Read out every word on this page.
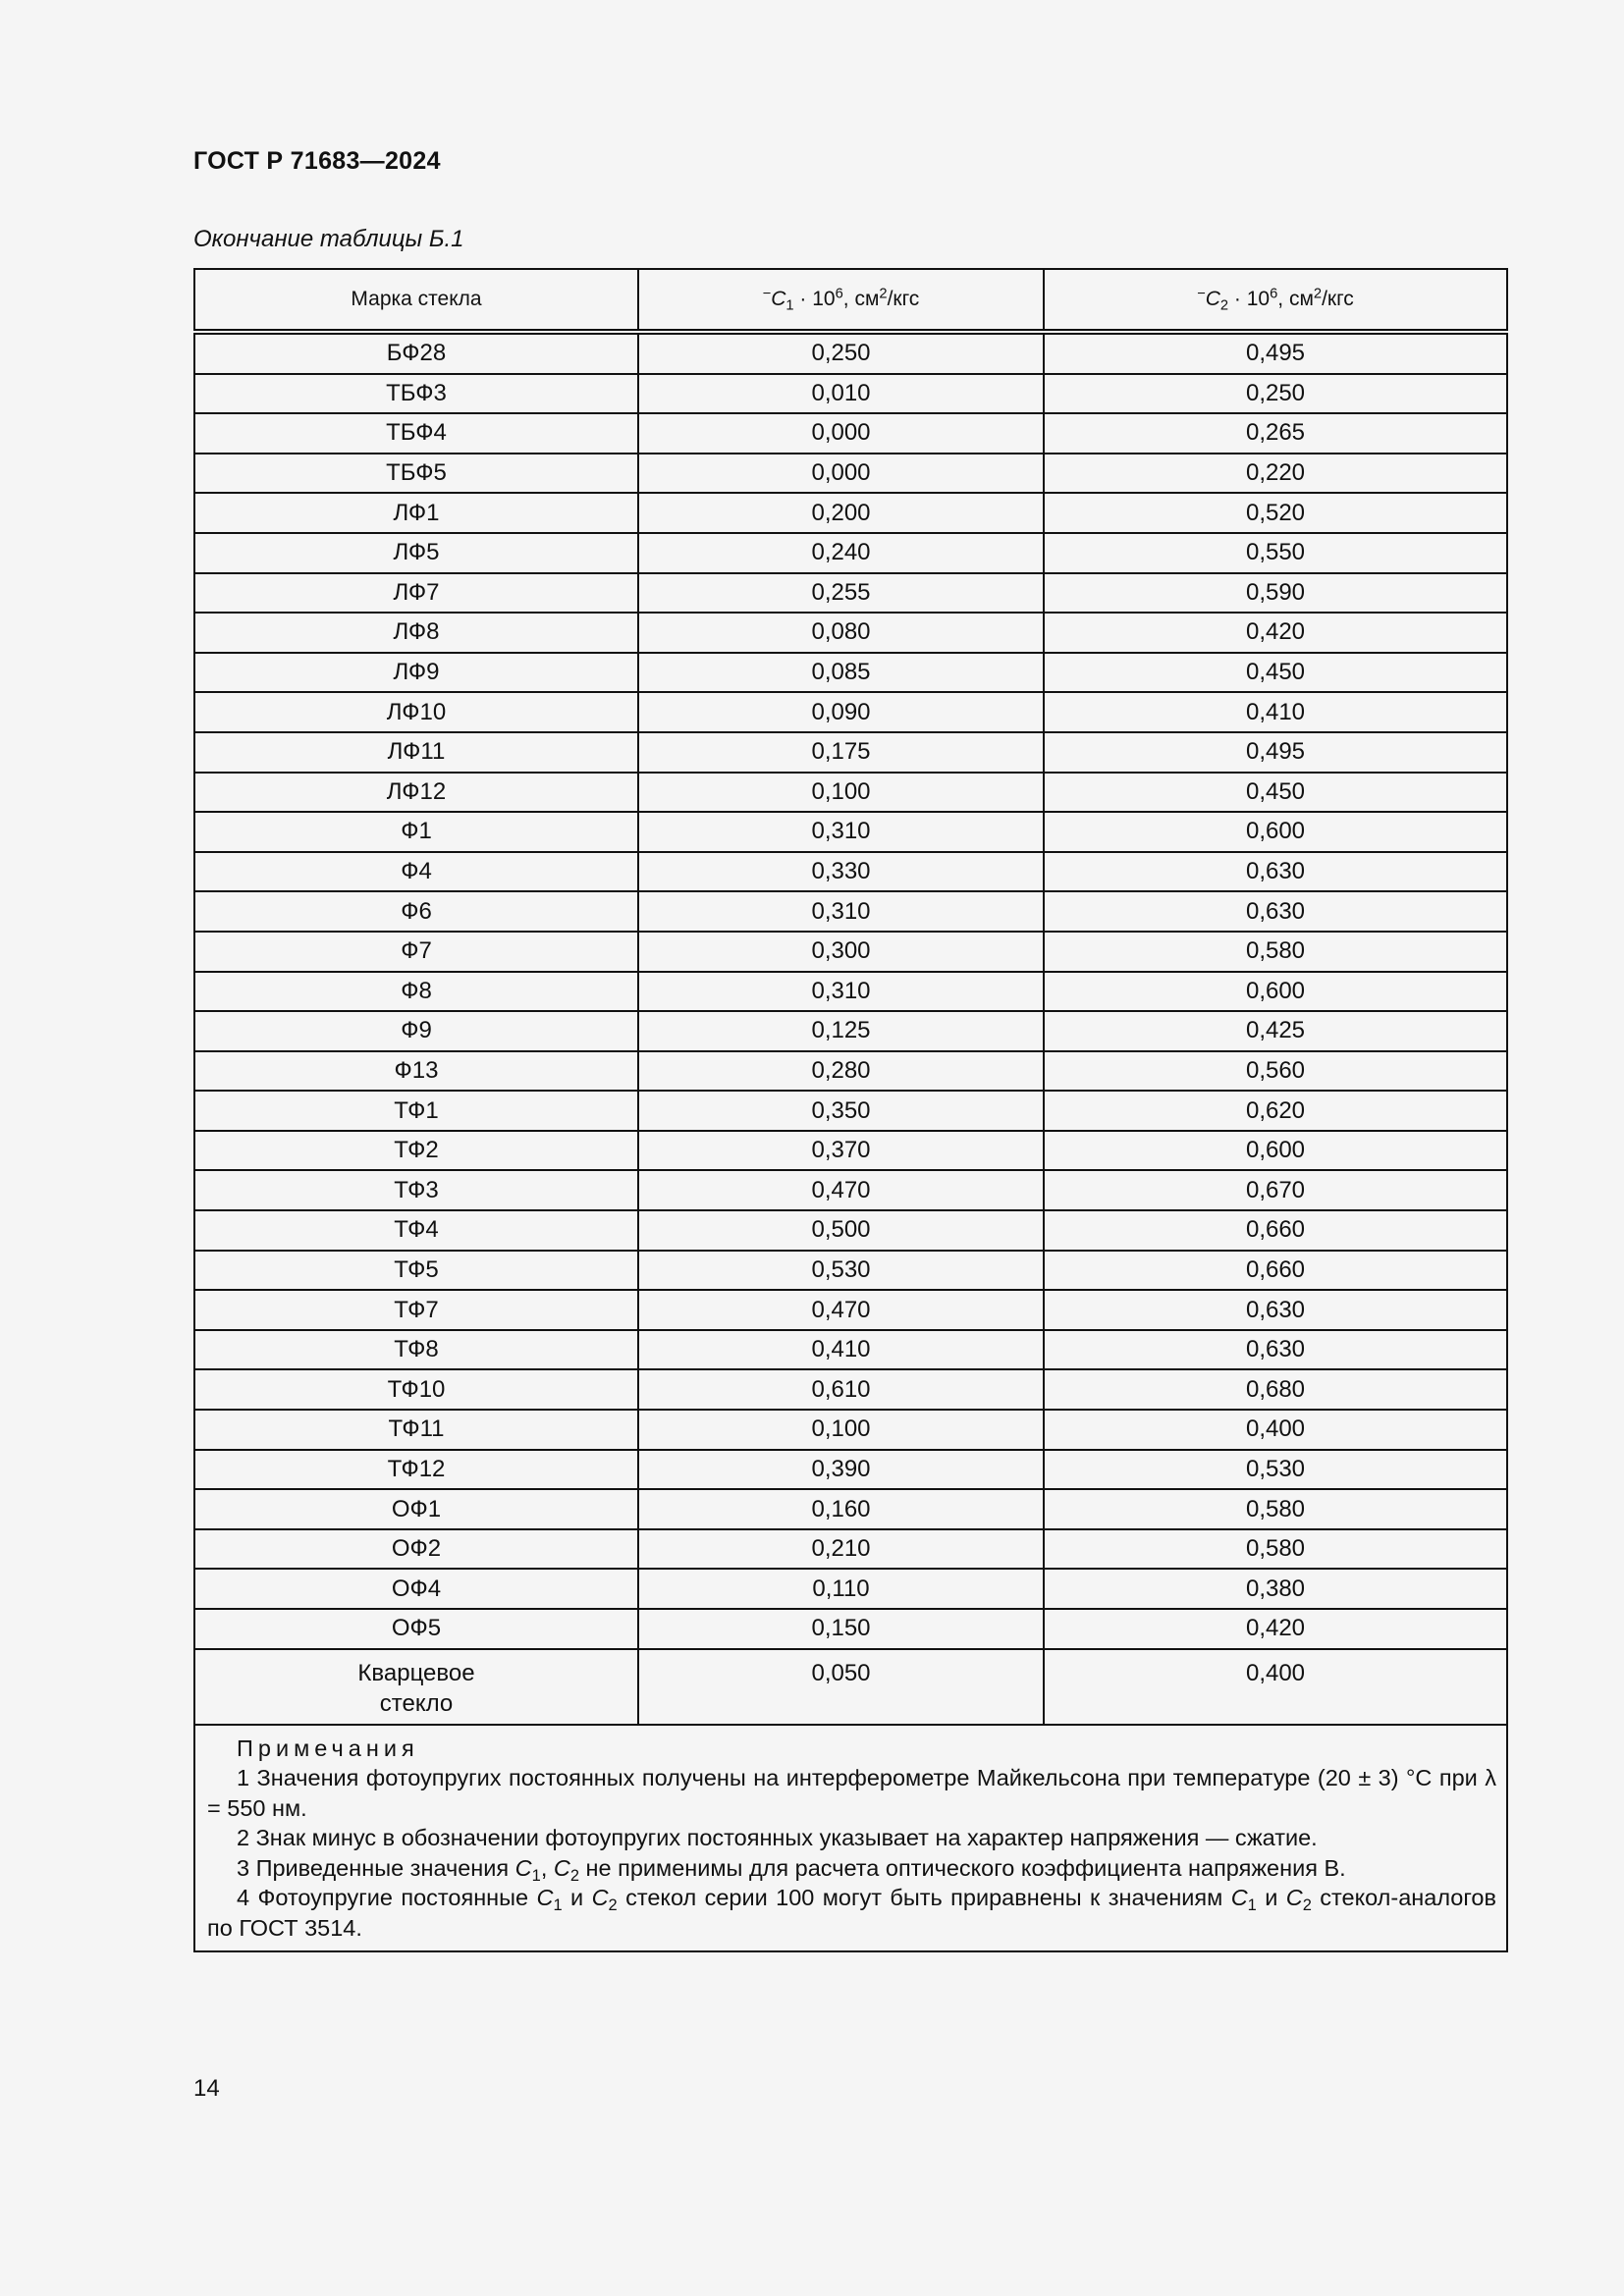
ГОСТ Р 71683—2024
Окончание таблицы Б.1
Марка стекла	$^-C_1 \cdot 10^6$, $см^2$/кгс	$^-C_2 \cdot 10^6$, $см^2$/кгс
БФ28	0,250	0,495
ТБФ3	0,010	0,250
ТБФ4	0,000	0,265
ТБФ5	0,000	0,220
ЛФ1	0,200	0,520
ЛФ5	0,240	0,550
ЛФ7	0,255	0,590
ЛФ8	0,080	0,420
ЛФ9	0,085	0,450
ЛФ10	0,090	0,410
ЛФ11	0,175	0,495
ЛФ12	0,100	0,450
Ф1	0,310	0,600
Ф4	0,330	0,630
Ф6	0,310	0,630
Ф7	0,300	0,580
Ф8	0,310	0,600
Ф9	0,125	0,425
Ф13	0,280	0,560
ТФ1	0,350	0,620
ТФ2	0,370	0,600
ТФ3	0,470	0,670
ТФ4	0,500	0,660
ТФ5	0,530	0,660
ТФ7	0,470	0,630
ТФ8	0,410	0,630
ТФ10	0,610	0,680
ТФ11	0,100	0,400
ТФ12	0,390	0,530
ОФ1	0,160	0,580
ОФ2	0,210	0,580
ОФ4	0,110	0,380
ОФ5	0,150	0,420
Кварцевое
стекло	0,050	0,400

Примечания
1 Значения фотоупругих постоянных получены на интерферометре Майкельсона при температуре (20 ± 3) °С при λ = 550 нм.
2 Знак минус в обозначении фотоупругих постоянных указывает на характер напряжения — сжатие.
3 Приведенные значения $C_1$, $C_2$ не применимы для расчета оптического коэффициента напряжения B.
4 Фотоупругие постоянные $C_1$ и $C_2$ стекол серии 100 могут быть приравнены к значениям $C_1$ и $C_2$ стекол-аналогов по ГОСТ 3514.		
14
